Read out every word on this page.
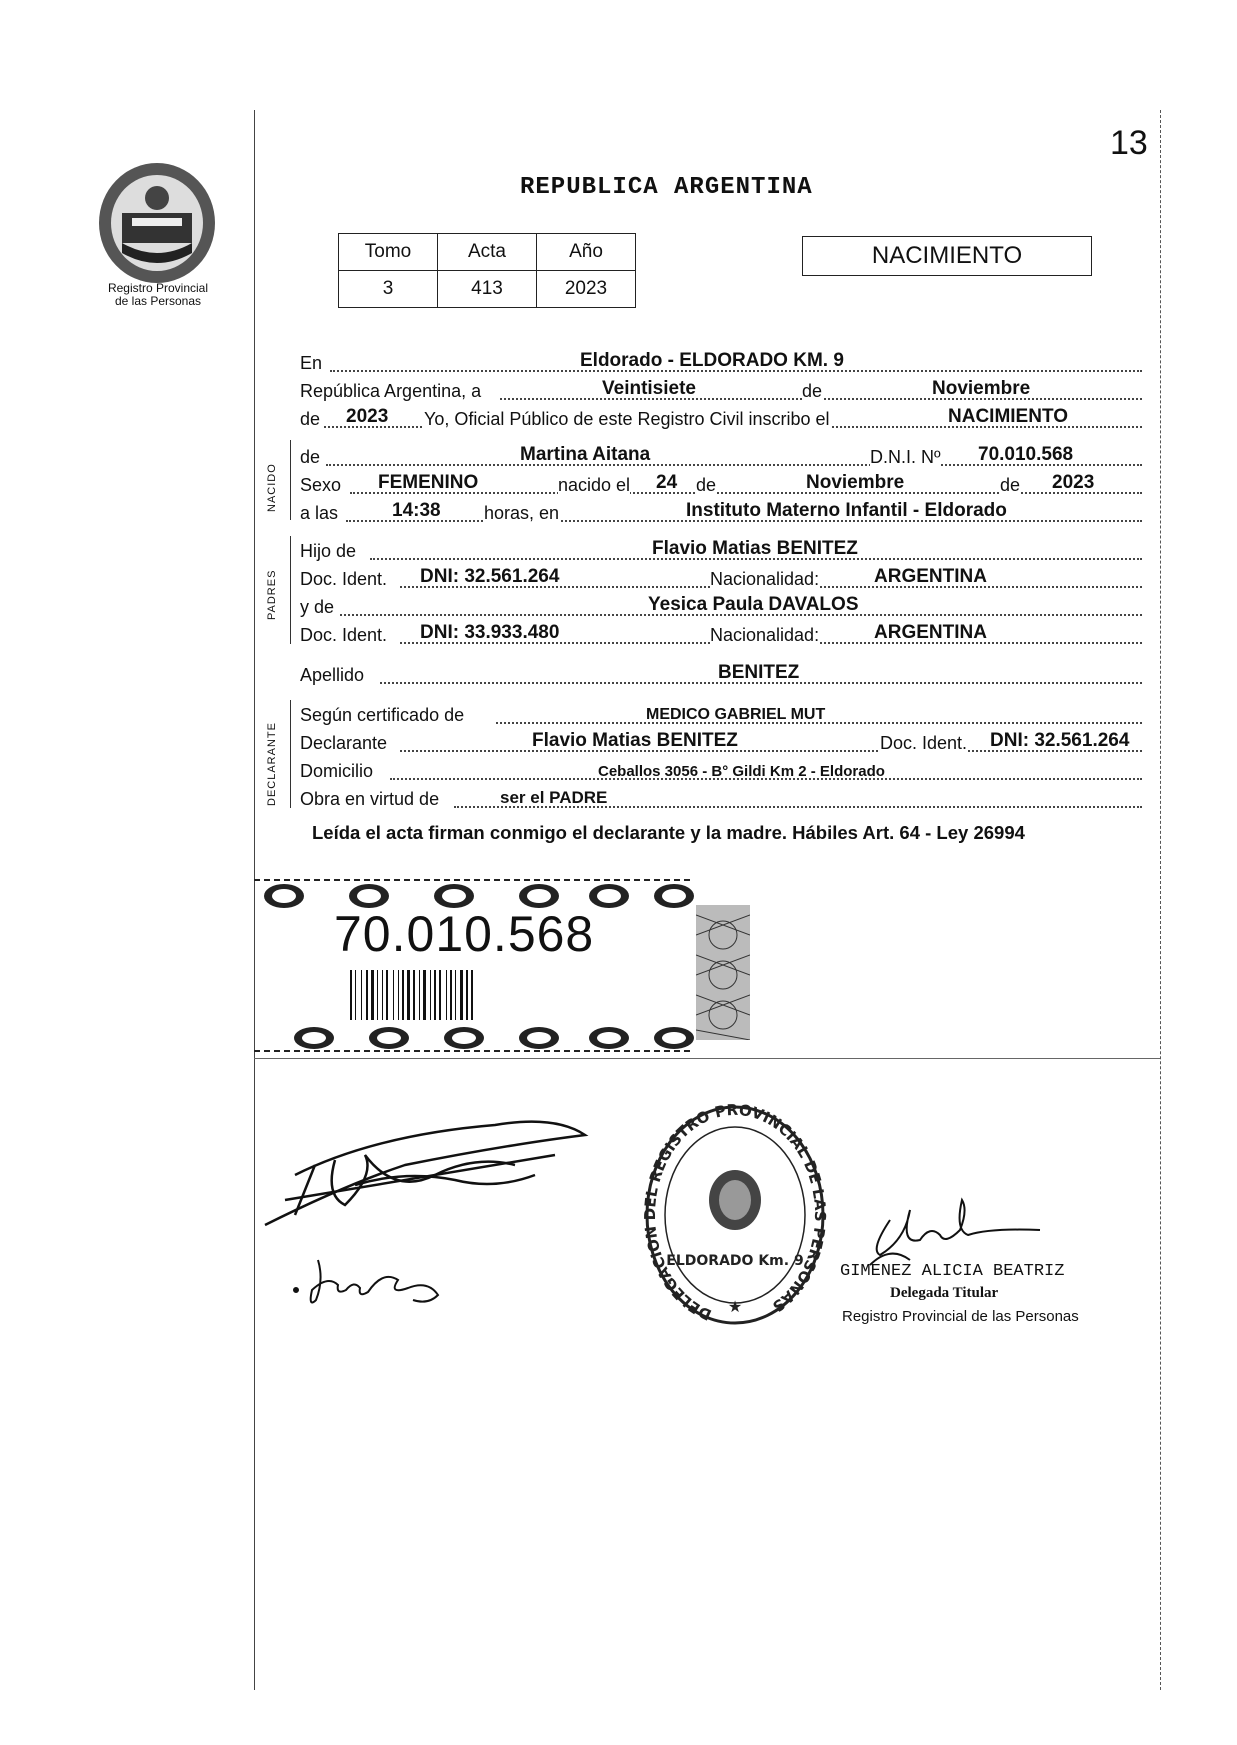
Registro Provincial
de las Personas
13
REPUBLICA ARGENTINA
Tomo	Acta	Año
3	413	2023
NACIMIENTO
NACIDO
PADRES
DECLARANTE
En	Eldorado - ELDORADO KM. 9
República Argentina, a	Veintisiete	de	Noviembre
de 2023 Yo, Oficial Público de este Registro Civil inscribo el	NACIMIENTO
de	Martina Aitana	D.N.I. Nº 70.010.568
Sexo FEMENINO	nacido el 24 de	Noviembre	de 2023
a las	14:38 horas, en	Instituto Materno Infantil - Eldorado
Hijo de	Flavio Matias BENITEZ
Doc. Ident. DNI: 32.561.264	Nacionalidad:	ARGENTINA
y de	Yesica Paula DAVALOS
Doc. Ident. DNI: 33.933.480	Nacionalidad:	ARGENTINA
Apellido	BENITEZ
Según certificado de	MEDICO GABRIEL MUT
Declarante	Flavio Matias BENITEZ	Doc. Ident. DNI: 32.561.264
Domicilio	Ceballos 3056 - B° Gildi Km 2 - Eldorado
Obra en virtud de	ser el PADRE
Leída el acta firman conmigo el declarante y la madre. Hábiles Art. 64 - Ley 26994
70.010.568
DELEGACION DEL REGISTRO PROVINCIAL DE LAS PERSONAS
ELDORADO Km. 9
★
GIMENEZ ALICIA BEATRIZ
Delegada Titular
Registro Provincial de las Personas
